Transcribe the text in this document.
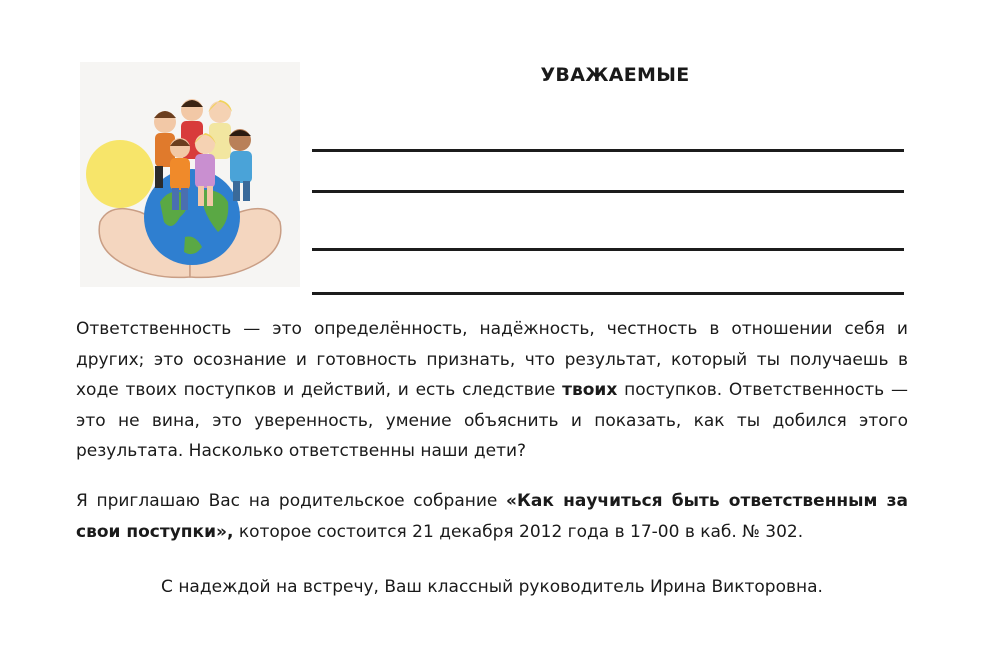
УВАЖАЕМЫЕ

Ответственность — это определённость, надёжность, честность в отношении себя и других; это осознание и готовность признать, что результат, который ты получаешь в ходе твоих поступков и действий, и есть следствие твоих поступков. Ответственность — это не вина, это уверенность, умение объяснить и показать, как ты добился этого результата. Насколько ответственны наши дети?

Я приглашаю Вас на родительское собрание «Как научиться быть ответственным за свои поступки», которое состоится 21 декабря 2012 года в 17-00 в каб. № 302.

С надеждой на встречу, Ваш классный руководитель Ирина Викторовна.
